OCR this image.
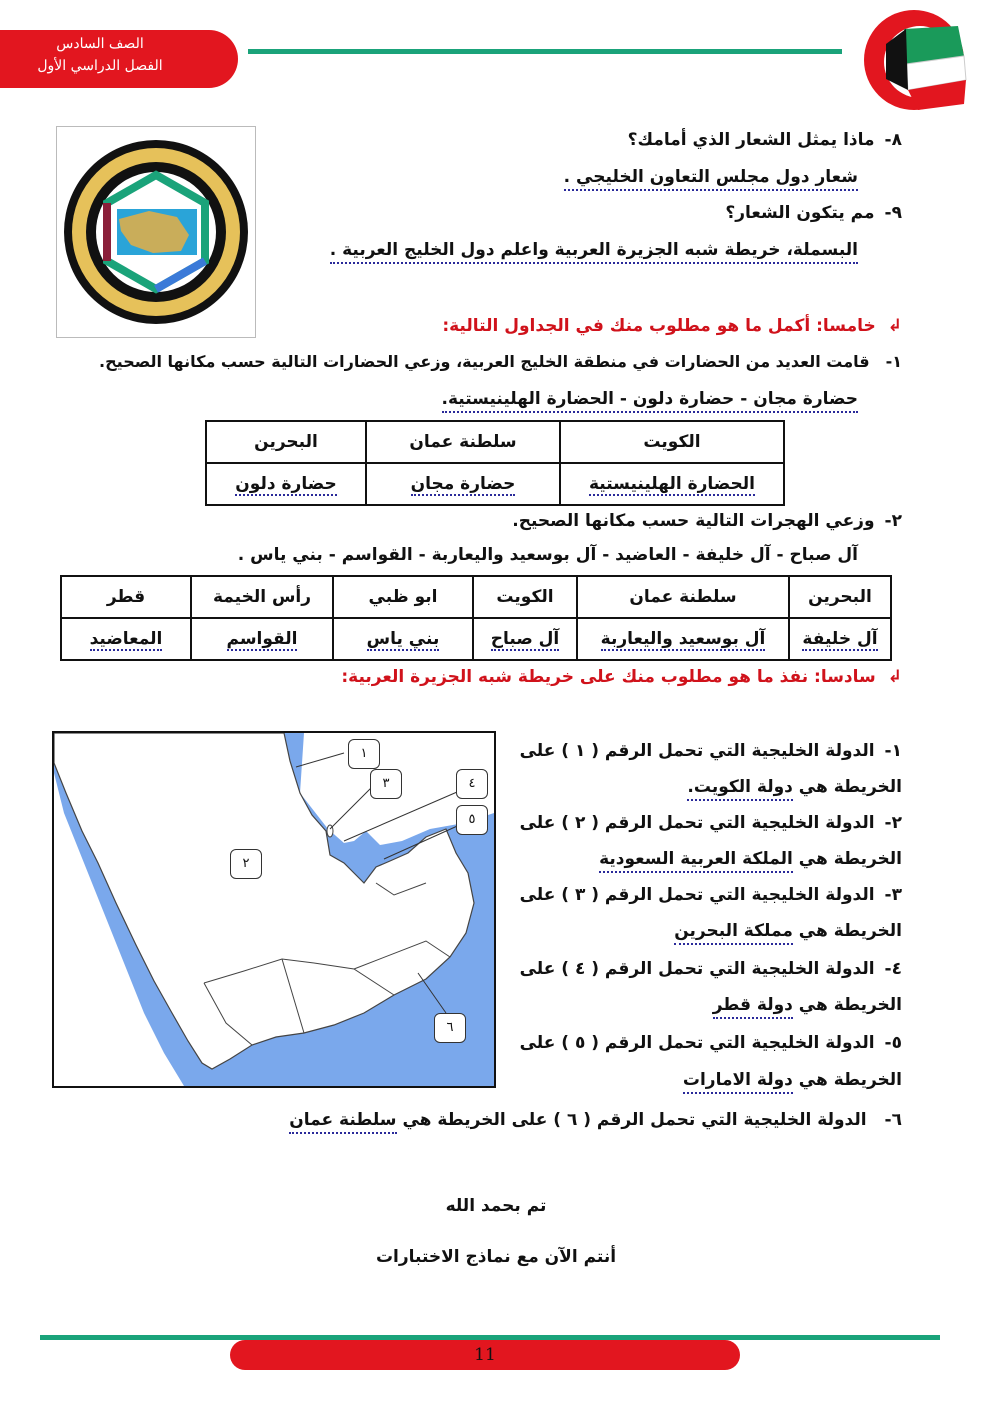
الصف السادس
الفصل الدراسي الأول
٨-ماذا يمثل الشعار الذي أمامك؟
شعار دول مجلس التعاون الخليجي .
٩-مم يتكون الشعار؟
البسملة، خريطة شبه الجزيرة العربية واعلم دول الخليج العربية .
↲خامسا: أكمل ما هو مطلوب منك في الجداول التالية:
١-قامت العديد من الحضارات في منطقة الخليج العربية، وزعي الحضارات التالية حسب مكانها الصحيح.
حضارة مجان - حضارة دلون - الحضارة الهلينيستية.
الكويت	سلطنة عمان	البحرين
الحضارة الهلينيستية	حضارة مجان	حضارة دلون
٢-وزعي الهجرات التالية حسب مكانها الصحيح.
آل صباح - آل خليفة - العاضيد - آل بوسعيد واليعاربة - القواسم - بني ياس .
البحرين	سلطنة عمان	الكويت	ابو ظبي	رأس الخيمة	قطر
آل خليفة	آل بوسعيد واليعاربة	آل صباح	بني ياس	القواسم	المعاضيد
↲سادسا: نفذ ما هو مطلوب منك على خريطة شبه الجزيرة العربية:
١
٢
٣	٤
٥
٦
١-الدولة الخليجية التي تحمل الرقم ( ١ ) على
الخريطة هي دولة الكويت.
٢-الدولة الخليجية التي تحمل الرقم ( ٢ ) على
الخريطة هي الملكة العربية السعودية
٣-الدولة الخليجية التي تحمل الرقم ( ٣ ) على
الخريطة هي مملكة البحرين
٤-الدولة الخليجية التي تحمل الرقم ( ٤ ) على
الخريطة هي دولة قطر
٥-الدولة الخليجية التي تحمل الرقم ( ٥ ) على
الخريطة هي دولة الامارات
٦-الدولة الخليجية التي تحمل الرقم ( ٦ ) على الخريطة هي سلطنة عمان
تم بحمد الله
أنتم الآن مع نماذج الاختبارات
11
